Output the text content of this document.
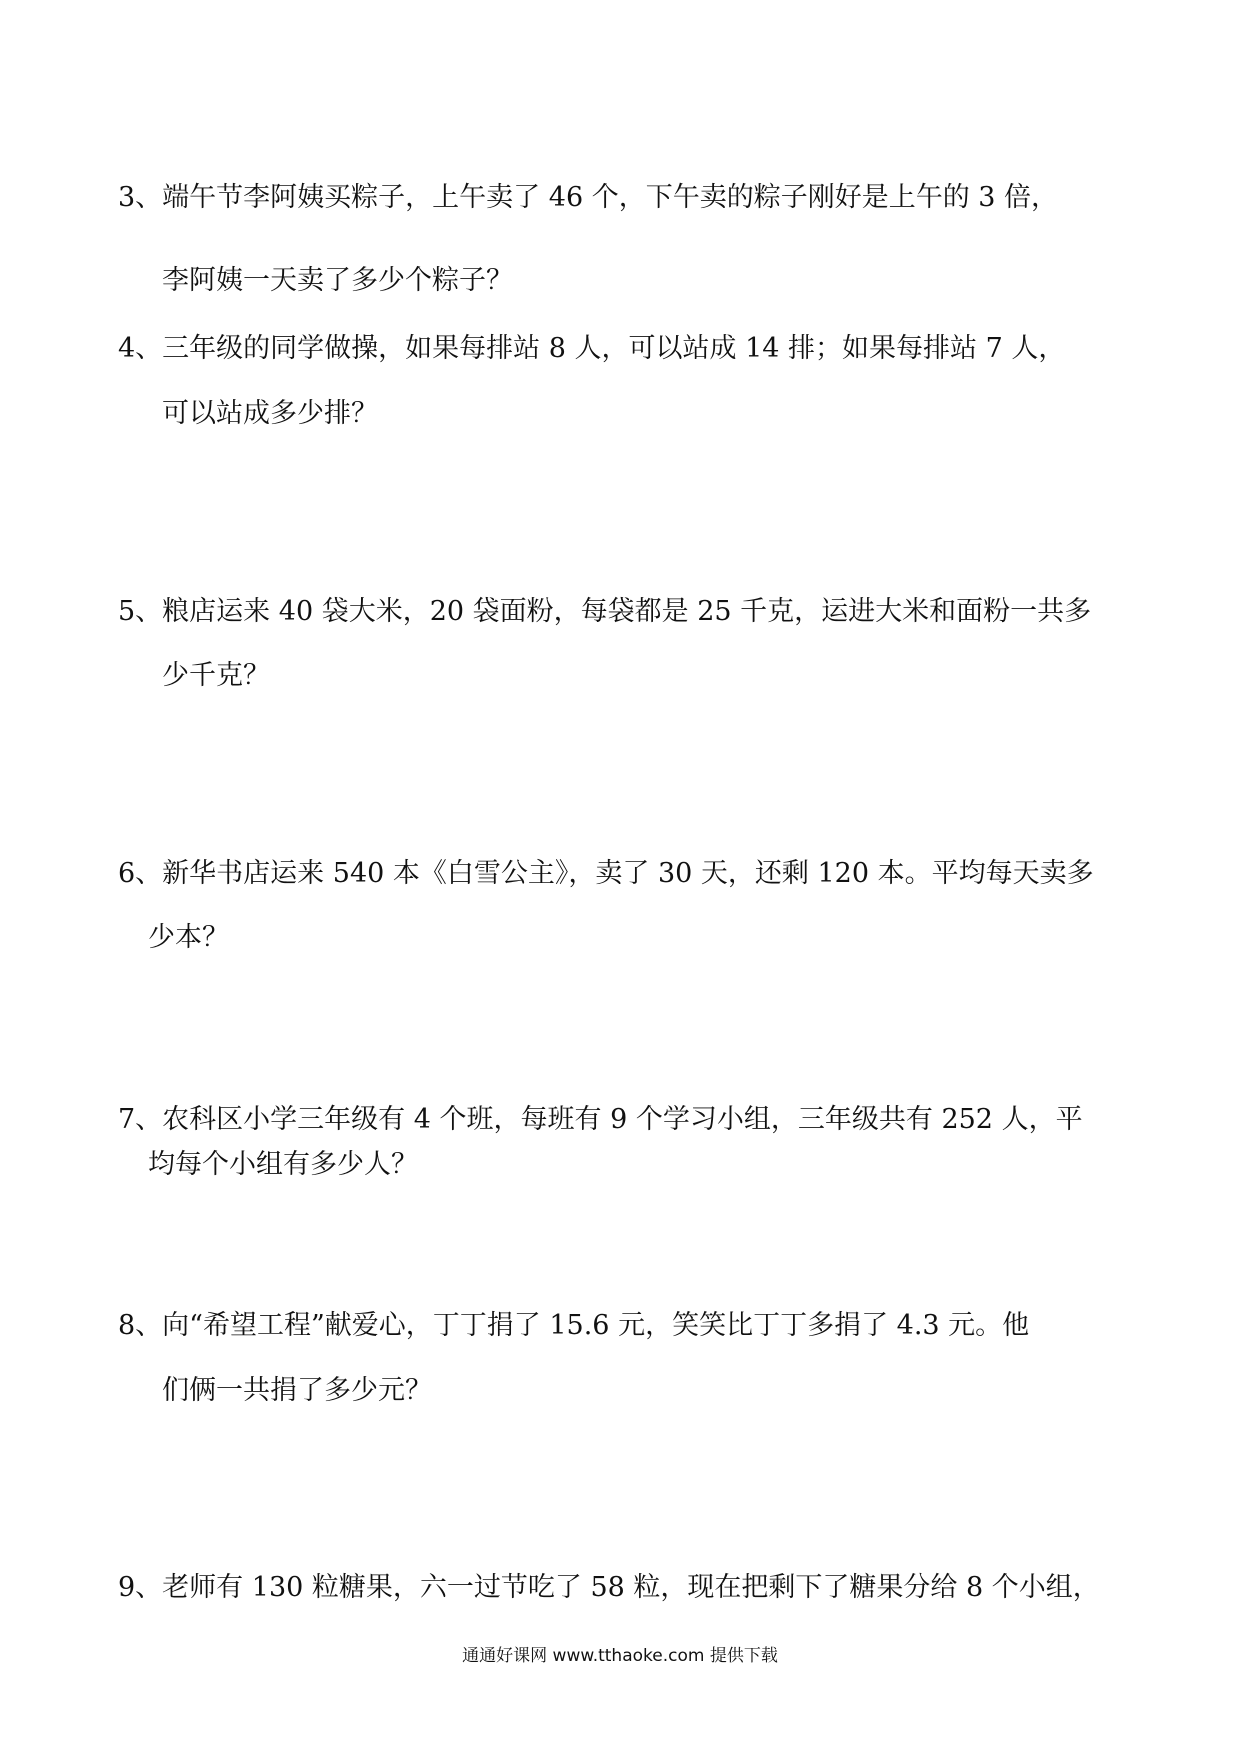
3、端午节李阿姨买粽子，上午卖了 46 个，下午卖的粽子刚好是上午的 3 倍，
李阿姨一天卖了多少个粽子？
4、三年级的同学做操，如果每排站 8 人，可以站成 14 排；如果每排站 7 人，
可以站成多少排？
5、粮店运来 40 袋大米，20 袋面粉，每袋都是 25 千克，运进大米和面粉一共多
少千克？
6、新华书店运来 540 本《白雪公主》，卖了 30 天，还剩 120 本。平均每天卖多
少本？
7、农科区小学三年级有 4 个班，每班有 9 个学习小组，三年级共有 252 人，平
均每个小组有多少人？
8、向“希望工程”献爱心，丁丁捐了 15.6 元，笑笑比丁丁多捐了 4.3 元。他
们俩一共捐了多少元？
9、老师有 130 粒糖果，六一过节吃了 58 粒，现在把剩下了糖果分给 8 个小组，
通通好课网 www.tthaoke.com 提供下载
